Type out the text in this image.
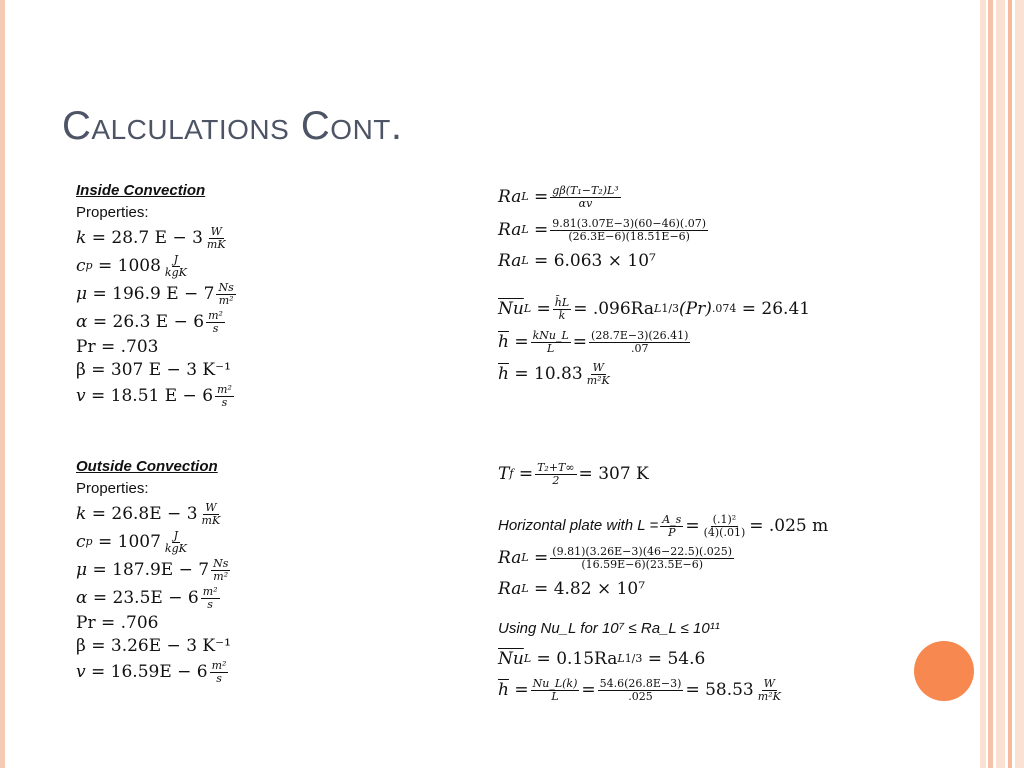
Calculations Cont.
Inside Convection
Properties:
k = 28.7 $E - 3 \frac{W}{mK}$
c $p = 1008 \frac{J}{\text{kgK}}$
μ = 196.9 $E - 7 \frac{Ns}{\text{m²}}$
α = 26.3 $E - 6 \frac{\text{m²}}{s}$
Pr = .703
β = 307 E − 3 K⁻¹
v = 18.51 $E - 6 \frac{\text{m²}}{s}$
Outside Convection
Properties:
$k = 26.8E - 3 \frac{W}{mK}$
c $p = 1007 \frac{J}{\text{kgK}}$
$\mu = 187.9E - 7 \frac{Ns}{\text{m²}}$
$\alpha = 23.5E - 6 \frac{\text{m²}}{s}$
Pr = .706
β = 3.26E − 3 K⁻¹
$v = 16.59E - 6 \frac{\text{m²}}{s}$
Ra $L = \frac{\text{gβ(T₁−T₂)L³}}{\alpha v}$
Ra $L = \frac{9.81(3.07E-3)(60-46)(.07)}{(26.3E-6)(18.51E-6)}$
Ra L
= 6.063 × 10⁷
$\overline{Nu}$ $L = \frac{h̄L}{k} = .096Ra$ L 1/3 (Pr) .074
= 26.41
$\overline{h} = \frac{\text{kNu\_L}}{L} = \frac{(28.7E-3)(26.41)}{.07}$
$\overline{h}$
= $10.83 \frac{W}{\text{m²K}}$
T $f = \frac{\text{T₂+T∞}}{2} = 307$ K
Horizontal plate with $L = \frac{A\_s}{P} = \frac{\text{(.1)²}}{(4)(.01)} = .025$ m
Ra $L = \frac{(9.81)(3.26E-3)(46-22.5)(.025)}{(16.59E-6)(23.5E-6)}$
Ra L
= 4.82 × 10⁷
Using Nu_L for 10⁷ ≤ Ra_L ≤ 10¹¹
$\overline{Nu}$ L
= 0.15Ra L 1/3
= 54.6
$\overline{h} = \frac{Nu\_L(k)}{L} = \frac{54.6(26.8E-3)}{.025} = 58.53 \frac{W}{\text{m²K}}$
